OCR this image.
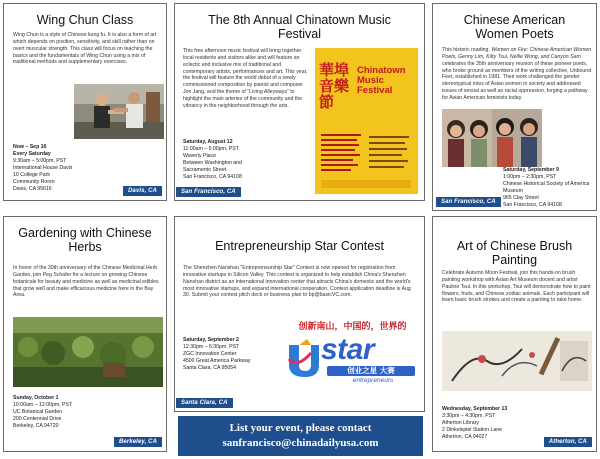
Wing Chun Class

Wing Chun is a style of Chinese kung fu. It is also a form of art which depends on position, sensitivity, and skill rather than on overt muscular strength. This class will focus on teaching the basics and the fundamentals of Wing Chun using a mix of traditional methods and supplementary exercises.

Now – Sep 16
Every Saturday
9:30am – 5:00pm, PST
International House Davis
10 College Park
Community Room
Davis, CA 95616	Davis, CA
The 8th Annual Chinatown Music Festival

This free afternoon music festival will bring together local residents and visitors alike and will feature an eclectic and inclusive mix of traditional and contemporary artists, performances and art. This year, the festival will feature the world debut of a newly commissioned composition by pianist and composer Jon Jang, and the theme of "Living Alleyways" to highlight the main arteries of the community and the vibrancy in the neighborhood through the arts.

Saturday, August 12
11:00am – 5:00pm, PST
Waverly Place
Between Washington and
Sacramento Street
San Francisco, CA 94108
San Francisco, CA
華埠音樂節
Chinatown Music Festival
Chinese American Women Poets

This historic reading, Women on Fire: Chinese American Women Poets, Genny Lim, Kitty Tsui, Nellie Wong, and Canyon Sam celebrates the 35th anniversary reunion of these pioneer poets, who broke ground as members of the writing collective, Unbound Feet, established in 1981. Their work challenged the gender stereotypical roles of Asian women in society and addressed issues of sexual as well as racial oppression, forging a pathway for Asian American feminists today.

Saturday, September 9
1:00pm – 2:30pm, PST
Chinese Historical Society of America Museum
965 Clay Street
San Francisco, CA 94108
San Francisco, CA
Gardening with Chinese Herbs

In honor of the 30th anniversary of the Chinese Medicinal Herb Garden, join Peg Schafer for a lecture on growing Chinese botanicals for beauty and medicine as well as medicinal edibles that grow well and make efficacious medicine here in the Bay Area.

Sunday, October 1
10:00am – 12:00pm, PST
UC Botanical Garden
200 Centennial Drive
Berkeley, CA 94720
Berkeley, CA
Entrepreneurship Star Contest

The Shenzhen Nanshan "Entrepreneurship Star" Contest is now opened for registration from innovative startups in Silicon Valley. This contest is organized to help establish China's Shenzhen Nanshan district as an international innovation center that attracts China's domestic and the world's most innovative startups, and expand international cooperation. Contest application deadline is Aug 30. Submit your contest pitch deck or business plan to bp@basicVC.com.

Saturday, September 2
12:30pm – 6:30pm, PST
ZGC Innovation Center
4500 Great America Parkway
Santa Clara, CA 95054
创新南山，中国的，世界的
star
创业之星 大赛
entrepreneurs
Santa Clara, CA
Art of Chinese Brush Painting

Celebrate Autumn Moon Festival, join this hands-on brush painting workshop with Asian Art Museum docent and artist Pauline Tsui. In this workshop, Tsui will demonstrate how to paint flowers, fruits, and Chinese zodiac animals. Each participant will learn basic brush strokes and create a painting to take home.

Wednesday, September 13
3:30pm – 4:30pm, PST
Atherton Library
2 Dinkelspiel Station Lane
Atherton, CA 94027
Atherton, CA
List your event, please contact
sanfrancisco@chinadailyusa.com
